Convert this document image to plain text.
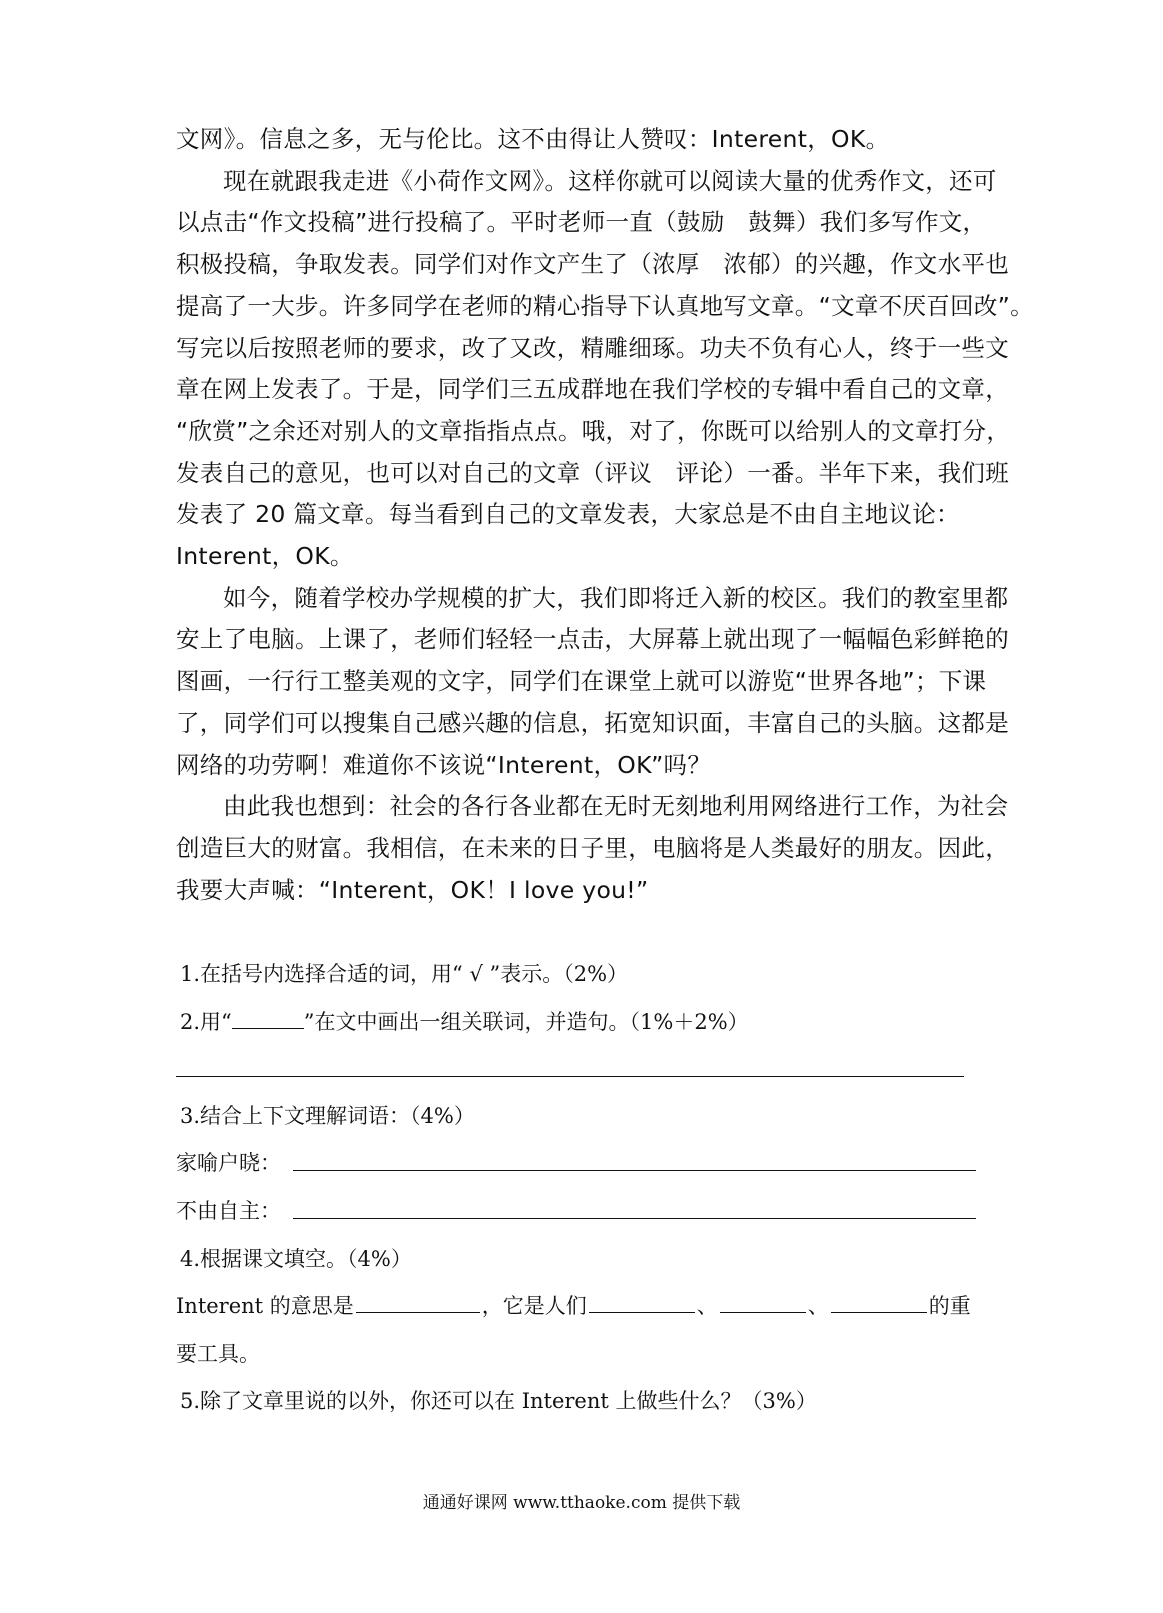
文网》。信息之多，无与伦比。这不由得让人赞叹：Interent，OK。

现在就跟我走进《小荷作文网》。这样你就可以阅读大量的优秀作文，还可
以点击“作文投稿”进行投稿了。平时老师一直（鼓励　鼓舞）我们多写作文，
积极投稿，争取发表。同学们对作文产生了（浓厚　浓郁）的兴趣，作文水平也
提高了一大步。许多同学在老师的精心指导下认真地写文章。“文章不厌百回改”。
写完以后按照老师的要求，改了又改，精雕细琢。功夫不负有心人，终于一些文
章在网上发表了。于是，同学们三五成群地在我们学校的专辑中看自己的文章，
“欣赏”之余还对别人的文章指指点点。哦，对了，你既可以给别人的文章打分，
发表自己的意见，也可以对自己的文章（评议　评论）一番。半年下来，我们班
发表了 20 篇文章。每当看到自己的文章发表，大家总是不由自主地议论：
Interent，OK。

如今，随着学校办学规模的扩大，我们即将迁入新的校区。我们的教室里都
安上了电脑。上课了，老师们轻轻一点击，大屏幕上就出现了一幅幅色彩鲜艳的
图画，一行行工整美观的文字，同学们在课堂上就可以游览“世界各地”；下课
了，同学们可以搜集自己感兴趣的信息，拓宽知识面，丰富自己的头脑。这都是
网络的功劳啊！难道你不该说“Interent，OK”吗？

由此我也想到：社会的各行各业都在无时无刻地利用网络进行工作，为社会
创造巨大的财富。我相信，在未来的日子里，电脑将是人类最好的朋友。因此，
我要大声喊：“Interent，OK！I love you!”

1.在括号内选择合适的词，用“ √ ”表示。（2%）
2.用“	”在文中画出一组关联词，并造句。（1%＋2%）
3.结合上下文理解词语：（4%）
家喻户晓：
不由自主：
4.根据课文填空。（4%）
Interent 的意思是	，它是人们	、	、	的重
要工具。
5.除了文章里说的以外，你还可以在 Interent 上做些什么？（3%）
通通好课网 www.tthaoke.com 提供下载
